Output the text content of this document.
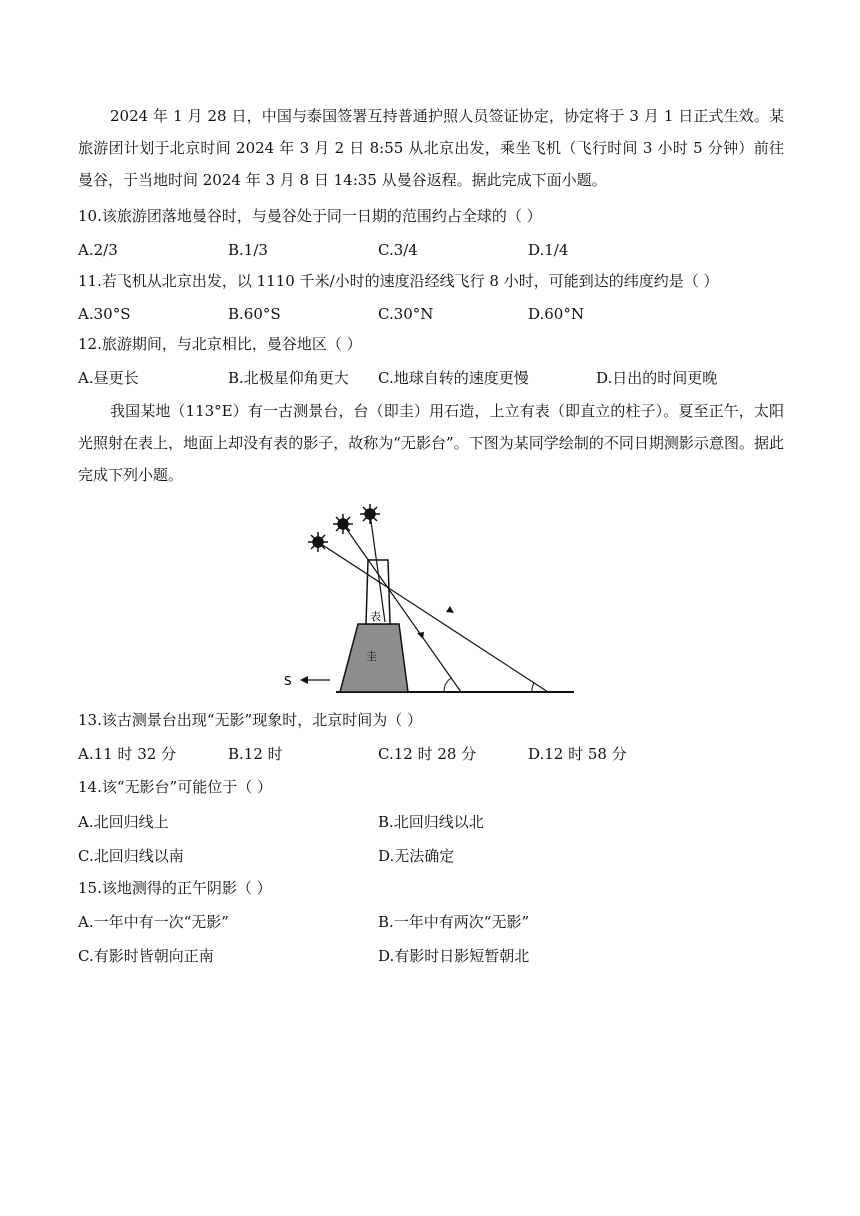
2024 年 1 月 28 日，中国与泰国签署互持普通护照人员签证协定，协定将于 3 月 1 日正式生效。某旅游团计划于北京时间 2024 年 3 月 2 日 8:55 从北京出发，乘坐飞机（飞行时间 3 小时 5 分钟）前往曼谷，于当地时间 2024 年 3 月 8 日 14:35 从曼谷返程。据此完成下面小题。
10.该旅游团落地曼谷时，与曼谷处于同一日期的范围约占全球的（ ）
A.2/3	B.1/3	C.3/4	D.1/4
11.若飞机从北京出发，以 1110 千米/小时的速度沿经线飞行 8 小时，可能到达的纬度约是（ ）
A.30°S	B.60°S	C.30°N	D.60°N
12.旅游期间，与北京相比，曼谷地区（ ）
A.昼更长	B.北极星仰角更大 C.地球自转的速度更慢	D.日出的时间更晚
我国某地（113°E）有一古测景台，台（即圭）用石造，上立有表（即直立的柱子）。夏至正午，太阳光照射在表上，地面上却没有表的影子，故称为“无影台”。下图为某同学绘制的不同日期测影示意图。据此完成下列小题。
表
圭
S
13.该古测景台出现“无影”现象时，北京时间为（ ）
A.11 时 32 分	B.12 时	C.12 时 28 分	D.12 时 58 分
14.该“无影台”可能位于（ ）
A.北回归线上	B.北回归线以北
C.北回归线以南	D.无法确定
15.该地测得的正午阴影（ ）
A.一年中有一次“无影”	B.一年中有两次“无影”
C.有影时皆朝向正南	D.有影时日影短暂朝北
